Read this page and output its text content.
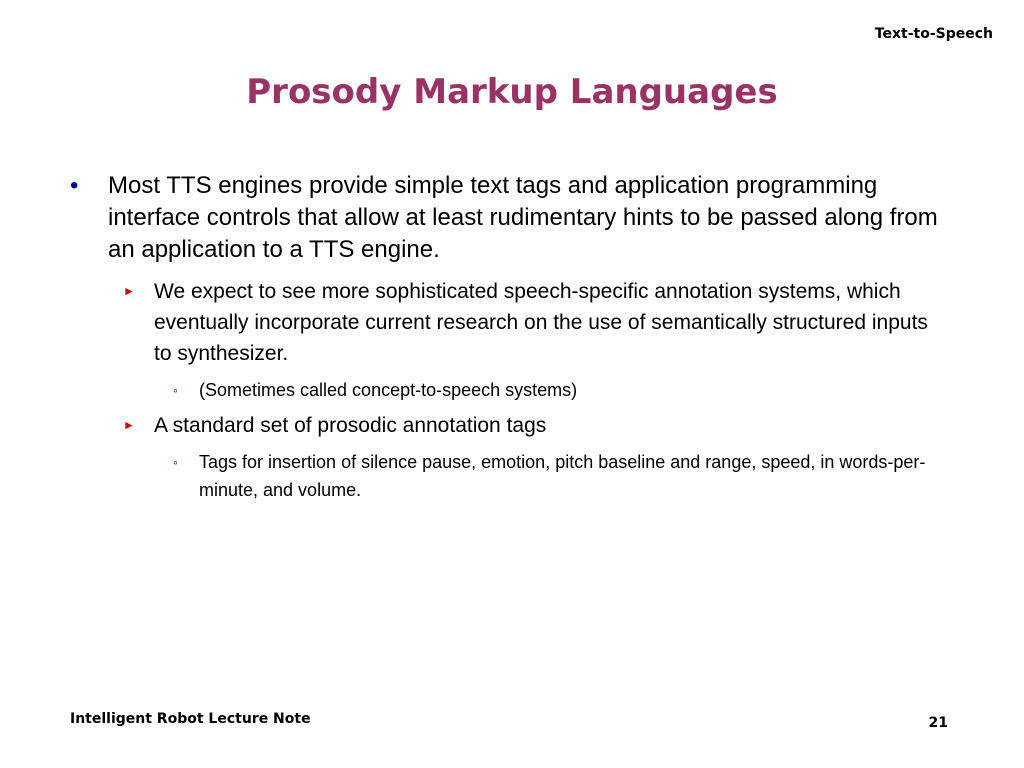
Text-to-Speech
Prosody Markup Languages
• Most TTS engines provide simple text tags and application programming interface controls that allow at least rudimentary hints to be passed along from an application to a TTS engine.
► We expect to see more sophisticated speech-specific annotation systems, which eventually incorporate current research on the use of semantically structured inputs to synthesizer.
◦ (Sometimes called concept-to-speech systems)
► A standard set of prosodic annotation tags
◦ Tags for insertion of silence pause, emotion, pitch baseline and range, speed, in words-per-minute, and volume.
Intelligent Robot Lecture Note	21
